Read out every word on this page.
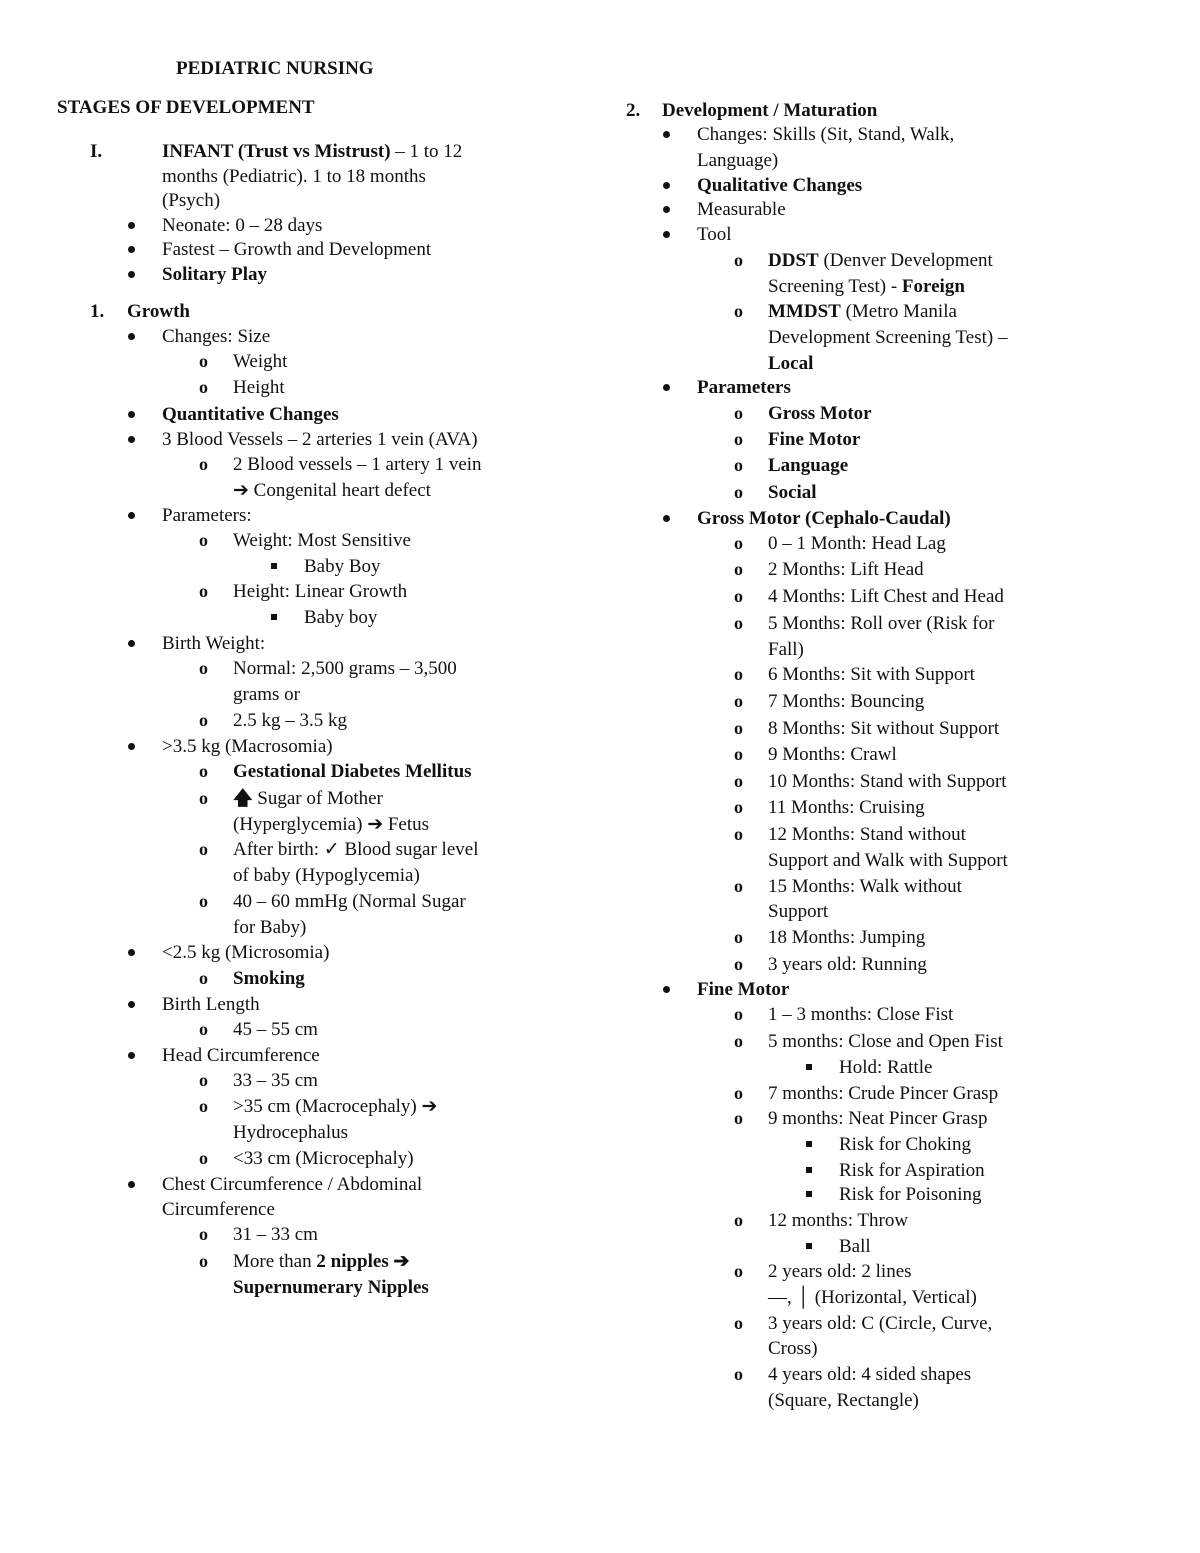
PEDIATRIC NURSING
STAGES OF DEVELOPMENT
I.	INFANT (Trust vs Mistrust) – 1 to 12
months (Pediatric). 1 to 18 months
(Psych)
Neonate: 0 – 28 days
Fastest – Growth and Development
Solitary Play
1. Growth
Changes: Size
o Weight
o Height
Quantitative Changes
3 Blood Vessels – 2 arteries 1 vein (AVA)
o 2 Blood vessels – 1 artery 1 vein
➔ Congenital heart defect
Parameters:
o Weight: Most Sensitive
Baby Boy
o Height: Linear Growth
Baby boy
Birth Weight:
o Normal: 2,500 grams – 3,500
grams or
o 2.5 kg – 3.5 kg
>3.5 kg (Macrosomia)
o Gestational Diabetes Mellitus
o 🡅 Sugar of Mother
(Hyperglycemia) ➔ Fetus
o After birth: ✓ Blood sugar level
of baby (Hypoglycemia)
o 40 – 60 mmHg (Normal Sugar
for Baby)
<2.5 kg (Microsomia)
o Smoking
Birth Length
o 45 – 55 cm
Head Circumference
o 33 – 35 cm
o >35 cm (Macrocephaly) ➔
Hydrocephalus
o <33 cm (Microcephaly)
Chest Circumference / Abdominal
Circumference
o 31 – 33 cm
o More than 2 nipples ➔
Supernumerary Nipples
2. Development / Maturation
Changes: Skills (Sit, Stand, Walk,
Language)
Qualitative Changes
Measurable
Tool
o DDST (Denver Development
Screening Test) - Foreign
o MMDST (Metro Manila
Development Screening Test) –
Local
Parameters
o Gross Motor
o Fine Motor
o Language
o Social
Gross Motor (Cephalo-Caudal)
o 0 – 1 Month: Head Lag
o 2 Months: Lift Head
o 4 Months: Lift Chest and Head
o 5 Months: Roll over (Risk for
Fall)
o 6 Months: Sit with Support
o 7 Months: Bouncing
o 8 Months: Sit without Support
o 9 Months: Crawl
o 10 Months: Stand with Support
o 11 Months: Cruising
o 12 Months: Stand without
Support and Walk with Support
o 15 Months: Walk without
Support
o 18 Months: Jumping
o 3 years old: Running
Fine Motor
o 1 – 3 months: Close Fist
o 5 months: Close and Open Fist
Hold: Rattle
o 7 months: Crude Pincer Grasp
o 9 months: Neat Pincer Grasp
Risk for Choking
Risk for Aspiration
Risk for Poisoning
o 12 months: Throw
Ball
o 2 years old: 2 lines
—, │ (Horizontal, Vertical)
o 3 years old: C (Circle, Curve,
Cross)
o 4 years old: 4 sided shapes
(Square, Rectangle)
